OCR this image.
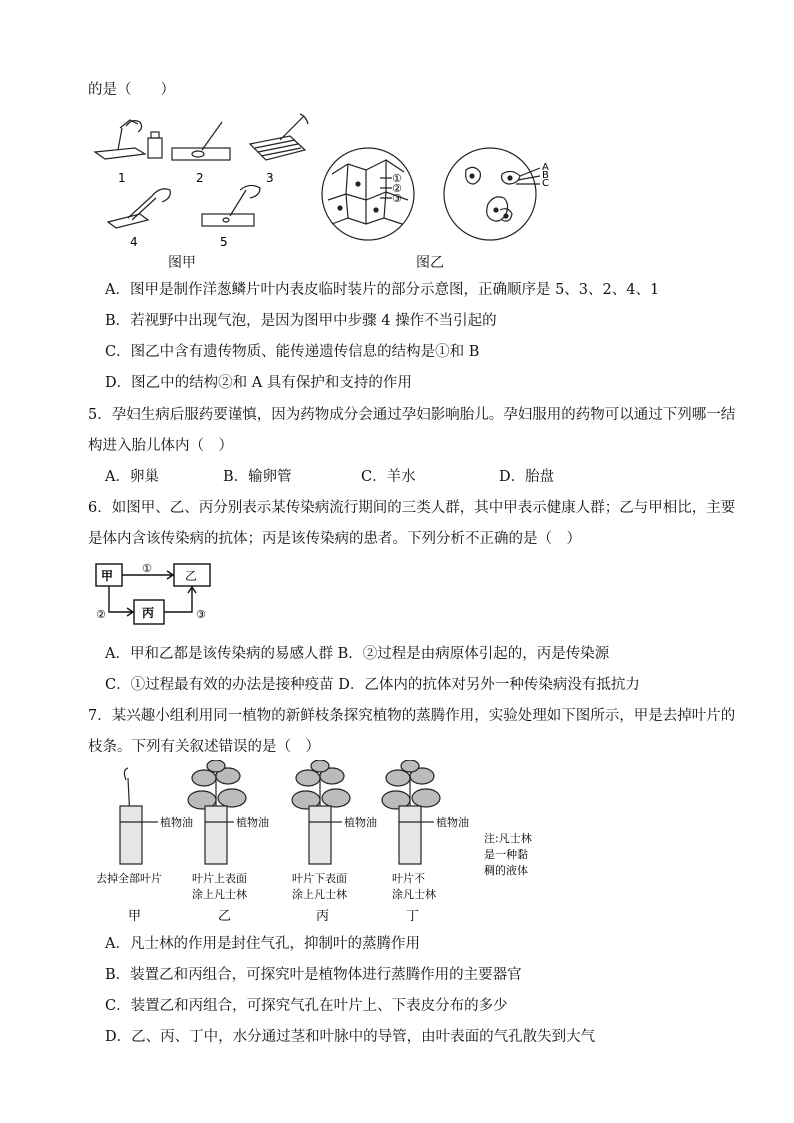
的是（　　）
1	2	3
4	5
图甲
①
②
③
A
B
C
图乙
A．图甲是制作洋葱鳞片叶内表皮临时装片的部分示意图，正确顺序是 5、3、2、4、1
B．若视野中出现气泡，是因为图甲中步骤 4 操作不当引起的
C．图乙中含有遗传物质、能传递遗传信息的结构是①和 B
D．图乙中的结构②和 A 具有保护和支持的作用
5．孕妇生病后服药要谨慎，因为药物成分会通过孕妇影响胎儿。孕妇服用的药物可以通过下列哪一结
构进入胎儿体内（　）
A．卵巢	B．输卵管	C．羊水	D．胎盘
6．如图甲、乙、丙分别表示某传染病流行期间的三类人群，其中甲表示健康人群；乙与甲相比，主要
是体内含该传染病的抗体；丙是该传染病的患者。下列分析不正确的是（　）
甲	乙
丙
①
②	③
A．甲和乙都是该传染病的易感人群 B．②过程是由病原体引起的，丙是传染源
C．①过程最有效的办法是接种疫苗 D．乙体内的抗体对另外一种传染病没有抵抗力
7．某兴趣小组利用同一植物的新鲜枝条探究植物的蒸腾作用，实验处理如下图所示，甲是去掉叶片的
枝条。下列有关叙述错误的是（　）
植物油	植物油	植物油	植物油
注:凡士林
是一种黏
稠的液体
去掉全部叶片	叶片上表面
涂上凡士林
叶片下表面
涂上凡士林
叶片不
涂凡士林
甲	乙	丙	丁
A．凡士林的作用是封住气孔，抑制叶的蒸腾作用
B．装置乙和丙组合，可探究叶是植物体进行蒸腾作用的主要器官
C．装置乙和丙组合，可探究气孔在叶片上、下表皮分布的多少
D．乙、丙、丁中，水分通过茎和叶脉中的导管，由叶表面的气孔散失到大气
